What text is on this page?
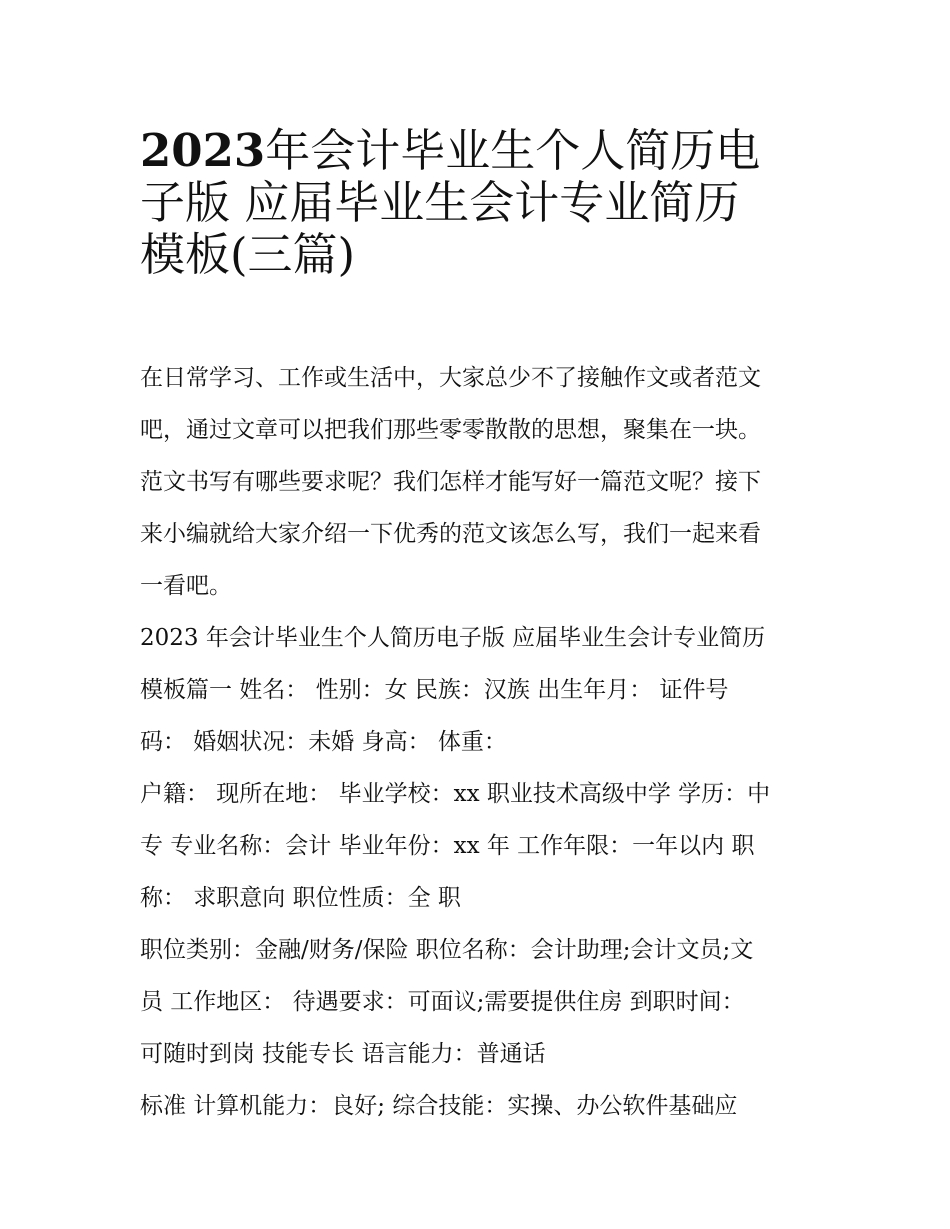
2023年会计毕业生个人简历电
子版 应届毕业生会计专业简历
模板(三篇)
在日常学习、工作或生活中，大家总少不了接触作文或者范文
吧，通过文章可以把我们那些零零散散的思想，聚集在一块。
范文书写有哪些要求呢？我们怎样才能写好一篇范文呢？接下
来小编就给大家介绍一下优秀的范文该怎么写，我们一起来看
一看吧。
2023 年会计毕业生个人简历电子版 应届毕业生会计专业简历
模板篇一 姓名： 性别：女 民族：汉族 出生年月： 证件号
码： 婚姻状况：未婚 身高： 体重：
户籍： 现所在地： 毕业学校：xx 职业技术高级中学 学历：中
专 专业名称：会计 毕业年份：xx 年 工作年限：一年以内 职
称： 求职意向 职位性质：全 职
职位类别：金融/财务/保险 职位名称：会计助理;会计文员;文
员 工作地区： 待遇要求：可面议;需要提供住房 到职时间：
可随时到岗 技能专长 语言能力：普通话
标准 计算机能力：良好; 综合技能：实操、办公软件基础应
